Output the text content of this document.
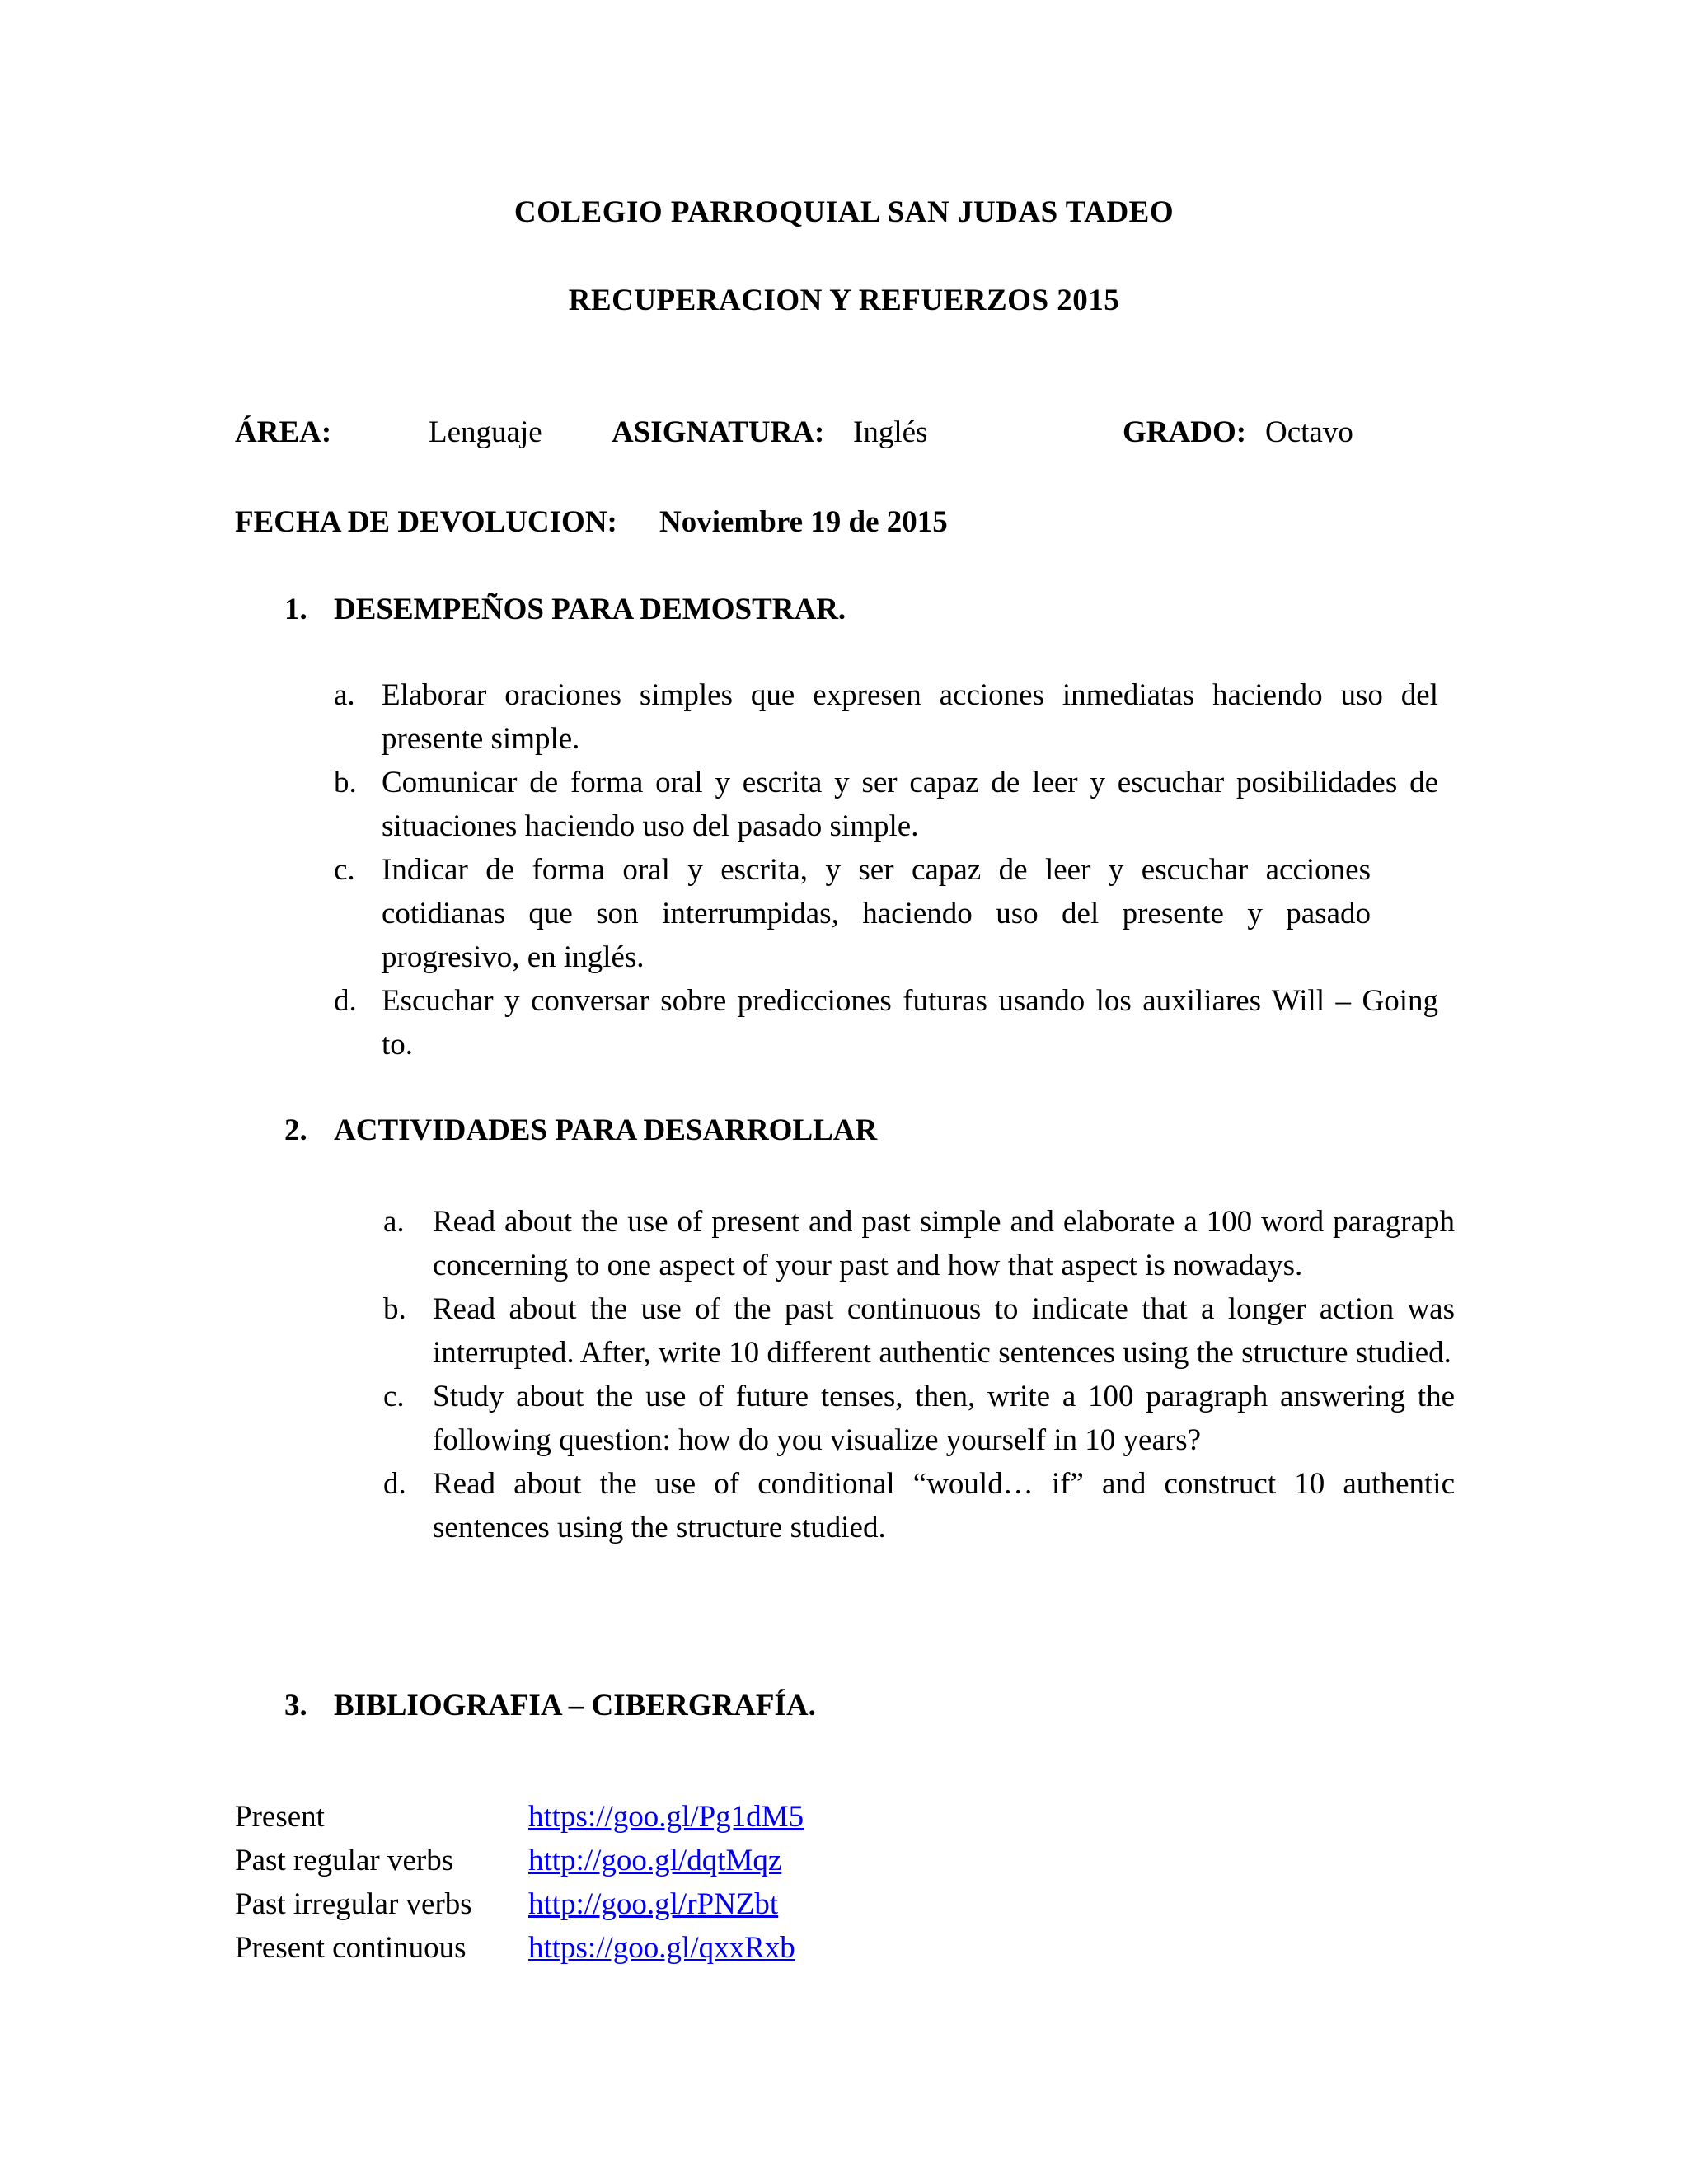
COLEGIO PARROQUIAL SAN JUDAS TADEO
RECUPERACION Y REFUERZOS 2015
ÁREA:	Lenguaje ASIGNATURA: Inglés	GRADO: Octavo
FECHA DE DEVOLUCION: Noviembre 19 de 2015
1. DESEMPEÑOS PARA DEMOSTRAR.
a. Elaborar oraciones simples que expresen acciones inmediatas haciendo uso del presente simple.
b. Comunicar de forma oral y escrita y ser capaz de leer y escuchar posibilidades de situaciones haciendo uso del pasado simple.
c. Indicar de forma oral y escrita, y ser capaz de leer y escuchar acciones cotidianas que son interrumpidas, haciendo uso del presente y pasado progresivo, en inglés.
d. Escuchar y conversar sobre predicciones futuras usando los auxiliares Will – Going to.
2. ACTIVIDADES PARA DESARROLLAR
a. Read about the use of present and past simple and elaborate a 100 word paragraph concerning to one aspect of your past and how that aspect is nowadays.
b. Read about the use of the past continuous to indicate that a longer action was interrupted. After, write 10 different authentic sentences using the structure studied.
c. Study about the use of future tenses, then, write a 100 paragraph answering the following question: how do you visualize yourself in 10 years?
d. Read about the use of conditional “would… if” and construct 10 authentic sentences using the structure studied.
3. BIBLIOGRAFIA – CIBERGRAFÍA.
Present	https://goo.gl/Pg1dM5
Past regular verbs http://goo.gl/dqtMqz
Past irregular verbs http://goo.gl/rPNZbt
Present continuous https://goo.gl/qxxRxb
